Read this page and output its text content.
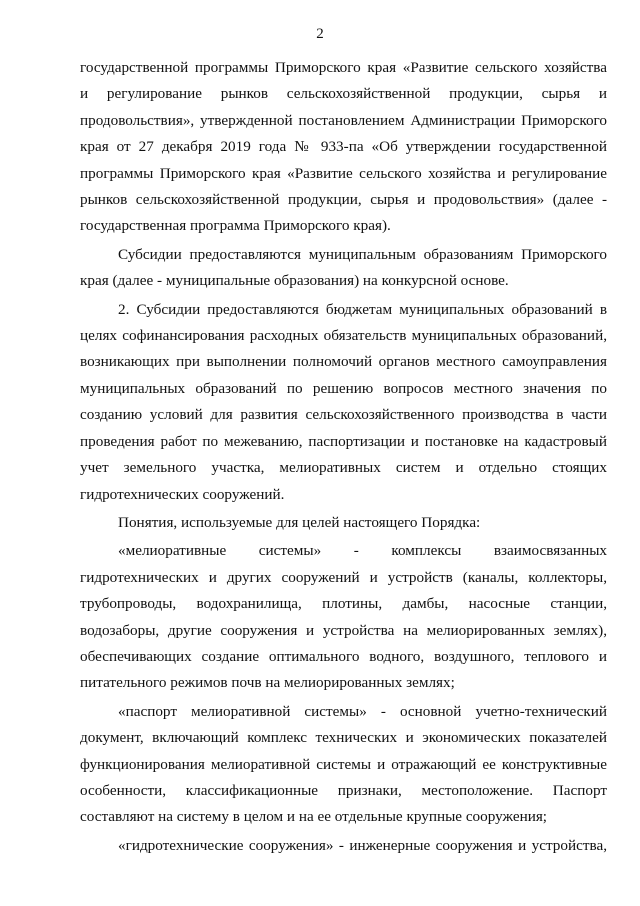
2
государственной программы Приморского края «Развитие сельского хозяйства
и регулирование рынков сельскохозяйственной продукции, сырья и
продовольствия», утвержденной постановлением Администрации Приморского
края от 27 декабря 2019 года № 933-па «Об утверждении государственной
программы Приморского края «Развитие сельского хозяйства и регулирование
рынков сельскохозяйственной продукции, сырья и продовольствия» (далее -
государственная программа Приморского края).
Субсидии предоставляются муниципальным образованиям Приморского
края (далее - муниципальные образования) на конкурсной основе.
2. Субсидии предоставляются бюджетам муниципальных образований в
целях софинансирования расходных обязательств муниципальных образований,
возникающих при выполнении полномочий органов местного самоуправления
муниципальных образований по решению вопросов местного значения по
созданию условий для развития сельскохозяйственного производства в части
проведения работ по межеванию, паспортизации и постановке на кадастровый
учет земельного участка, мелиоративных систем и отдельно стоящих
гидротехнических сооружений.
Понятия, используемые для целей настоящего Порядка:
«мелиоративные системы» - комплексы взаимосвязанных
гидротехнических и других сооружений и устройств (каналы, коллекторы,
трубопроводы, водохранилища, плотины, дамбы, насосные станции,
водозаборы, другие сооружения и устройства на мелиорированных землях),
обеспечивающих создание оптимального водного, воздушного, теплового и
питательного режимов почв на мелиорированных землях;
«паспорт мелиоративной системы» - основной учетно-технический
документ, включающий комплекс технических и экономических показателей
функционирования мелиоративной системы и отражающий ее конструктивные
особенности, классификационные признаки, местоположение. Паспорт
составляют на систему в целом и на ее отдельные крупные сооружения;
«гидротехнические сооружения» - инженерные сооружения и устройства,
